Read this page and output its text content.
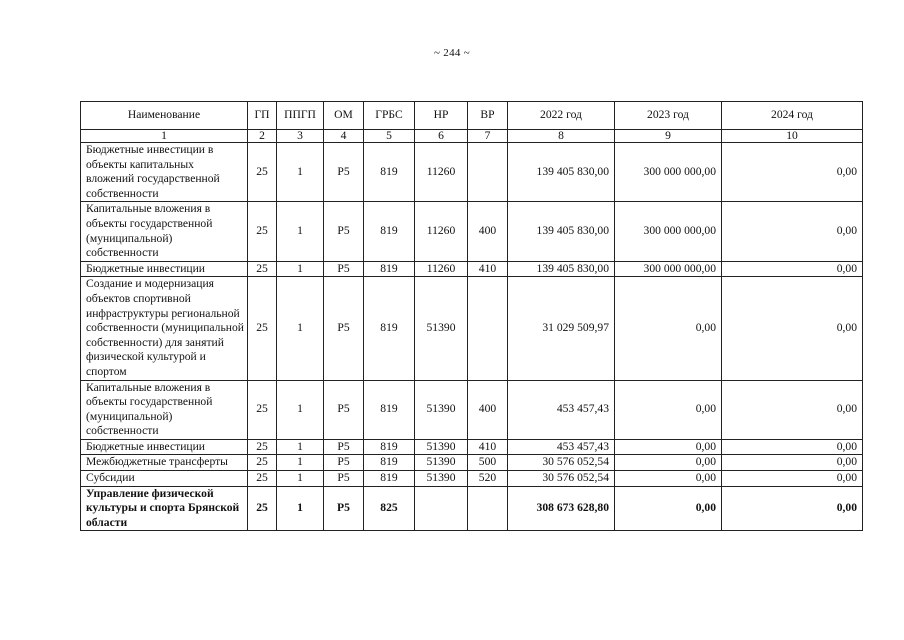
~ 244 ~
Наименование	ГП	ППГП	ОМ	ГРБС	НР	ВР	2022 год	2023 год	2024 год
1	2	3	4	5	6	7	8	9	10
Бюджетные инвестиции в объекты капитальных вложений государственной собственности	25	1	Р5	819	11260		139 405 830,00	300 000 000,00	0,00
Капитальные вложения в объекты государственной (муниципальной) собственности	25	1	Р5	819	11260	400	139 405 830,00	300 000 000,00	0,00
Бюджетные инвестиции	25	1	Р5	819	11260	410	139 405 830,00	300 000 000,00	0,00
Создание и модернизация объектов спортивной инфраструктуры региональной собственности (муниципальной собственности) для занятий физической культурой и спортом	25	1	Р5	819	51390		31 029 509,97	0,00	0,00
Капитальные вложения в объекты государственной (муниципальной) собственности	25	1	Р5	819	51390	400	453 457,43	0,00	0,00
Бюджетные инвестиции	25	1	Р5	819	51390	410	453 457,43	0,00	0,00
Межбюджетные трансферты	25	1	Р5	819	51390	500	30 576 052,54	0,00	0,00
Субсидии	25	1	Р5	819	51390	520	30 576 052,54	0,00	0,00
Управление физической культуры и спорта Брянской области	25	1	Р5	825			308 673 628,80	0,00	0,00
